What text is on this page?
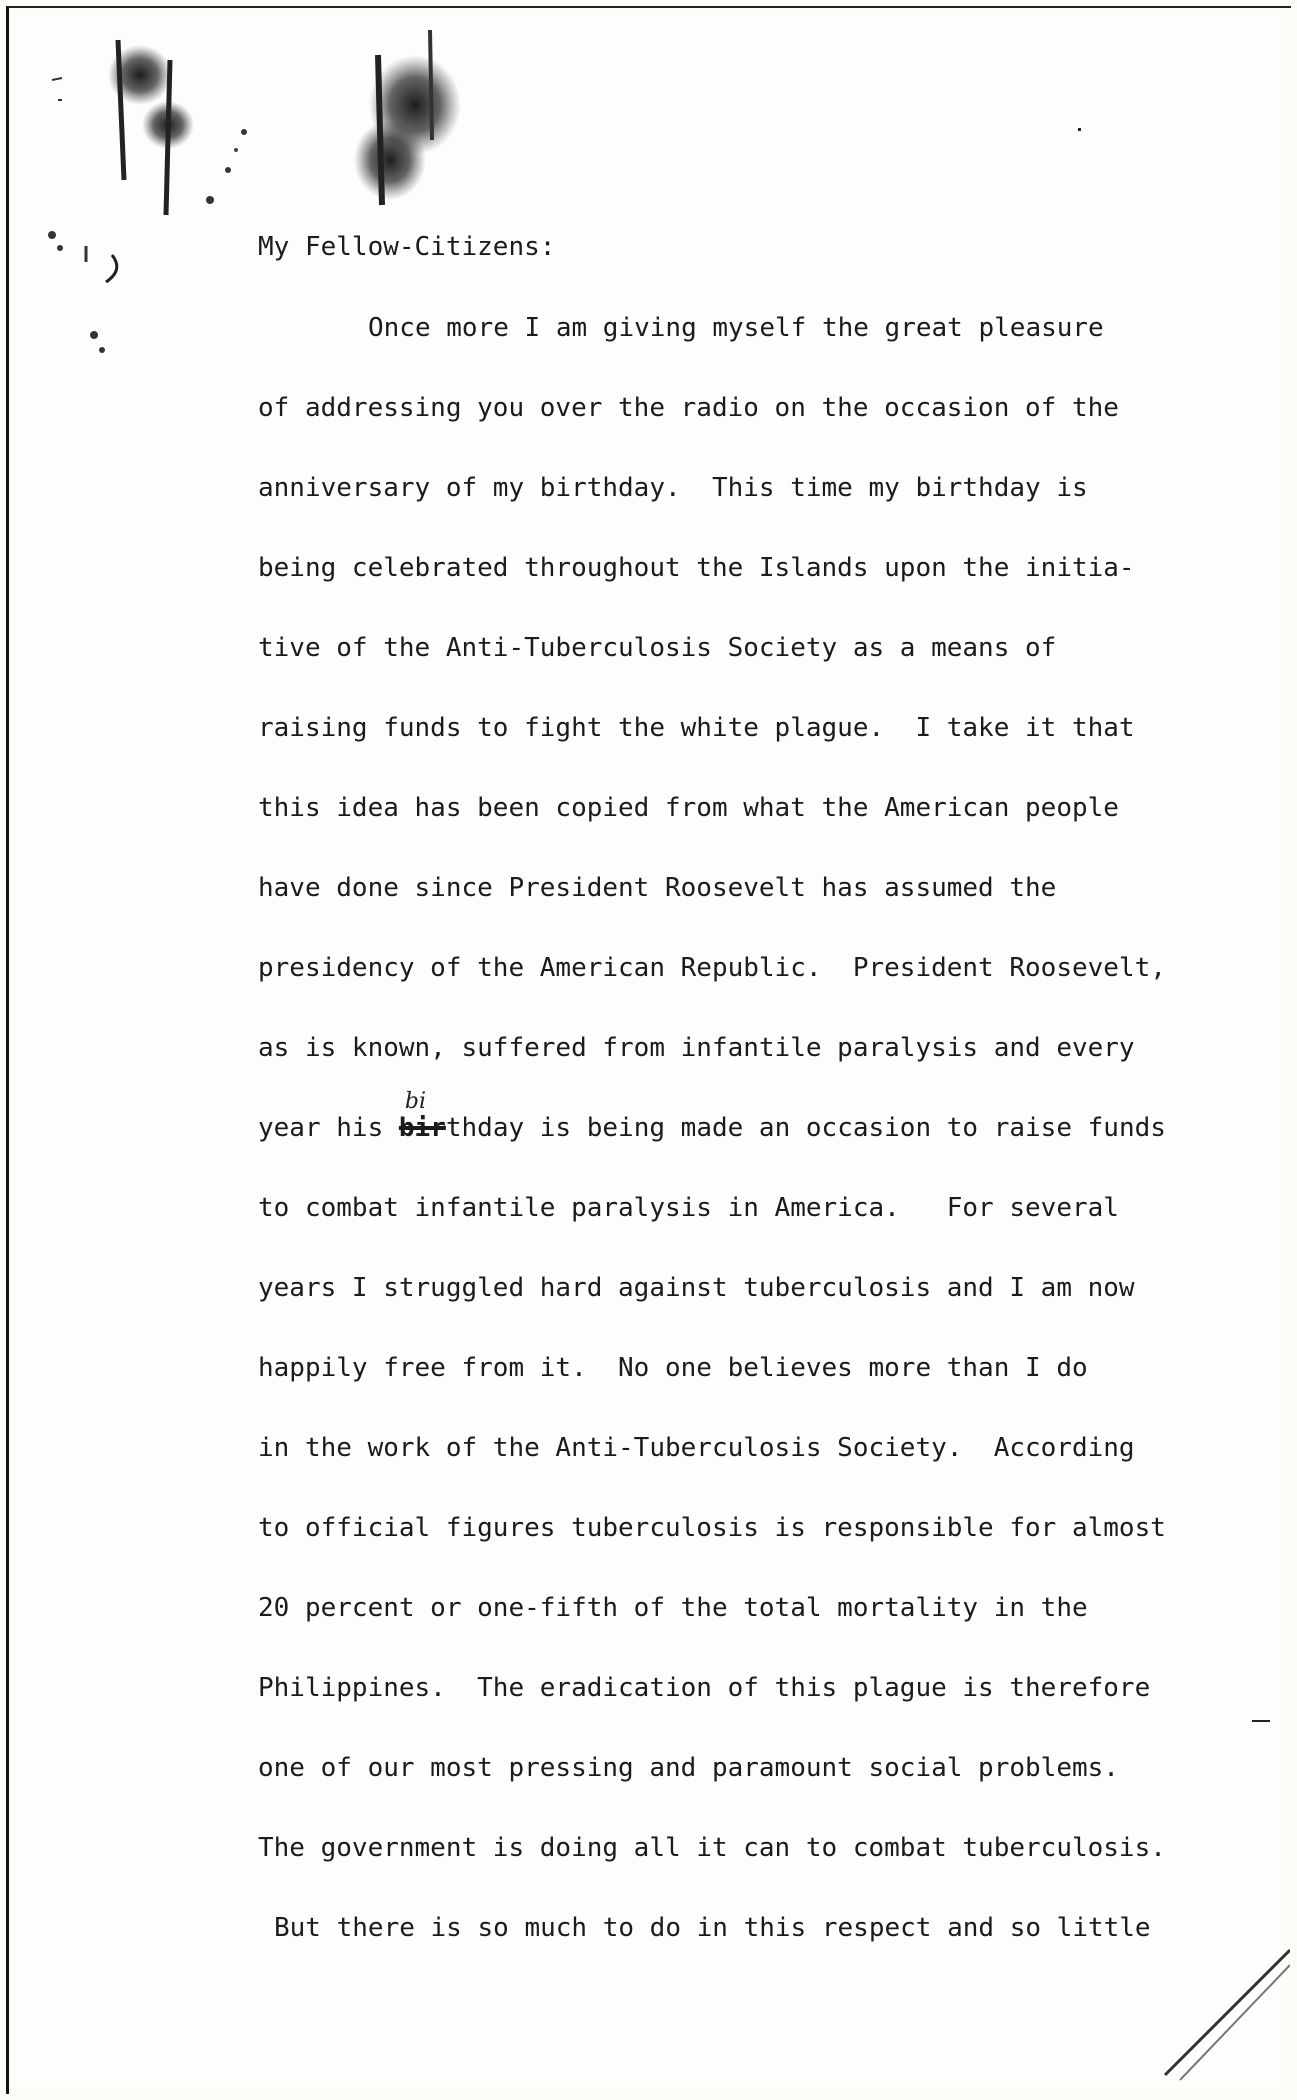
My Fellow-Citizens:
Once more I am giving myself the great pleasure
of addressing you over the radio on the occasion of the
anniversary of my birthday.  This time my birthday is
being celebrated throughout the Islands upon the initia-
tive of the Anti-Tuberculosis Society as a means of
raising funds to fight the white plague.  I take it that
this idea has been copied from what the American people
have done since President Roosevelt has assumed the
presidency of the American Republic.  President Roosevelt,
as is known, suffered from infantile paralysis and every
year his bir
bi
thday is being made an occasion to raise funds
to combat infantile paralysis in America.   For several
years I struggled hard against tuberculosis and I am now
happily free from it.  No one believes more than I do
in the work of the Anti-Tuberculosis Society.  According
to official figures tuberculosis is responsible for almost
20 percent or one-fifth of the total mortality in the
Philippines.  The eradication of this plague is therefore
one of our most pressing and paramount social problems.
The government is doing all it can to combat tuberculosis.
But there is so much to do in this respect and so little
